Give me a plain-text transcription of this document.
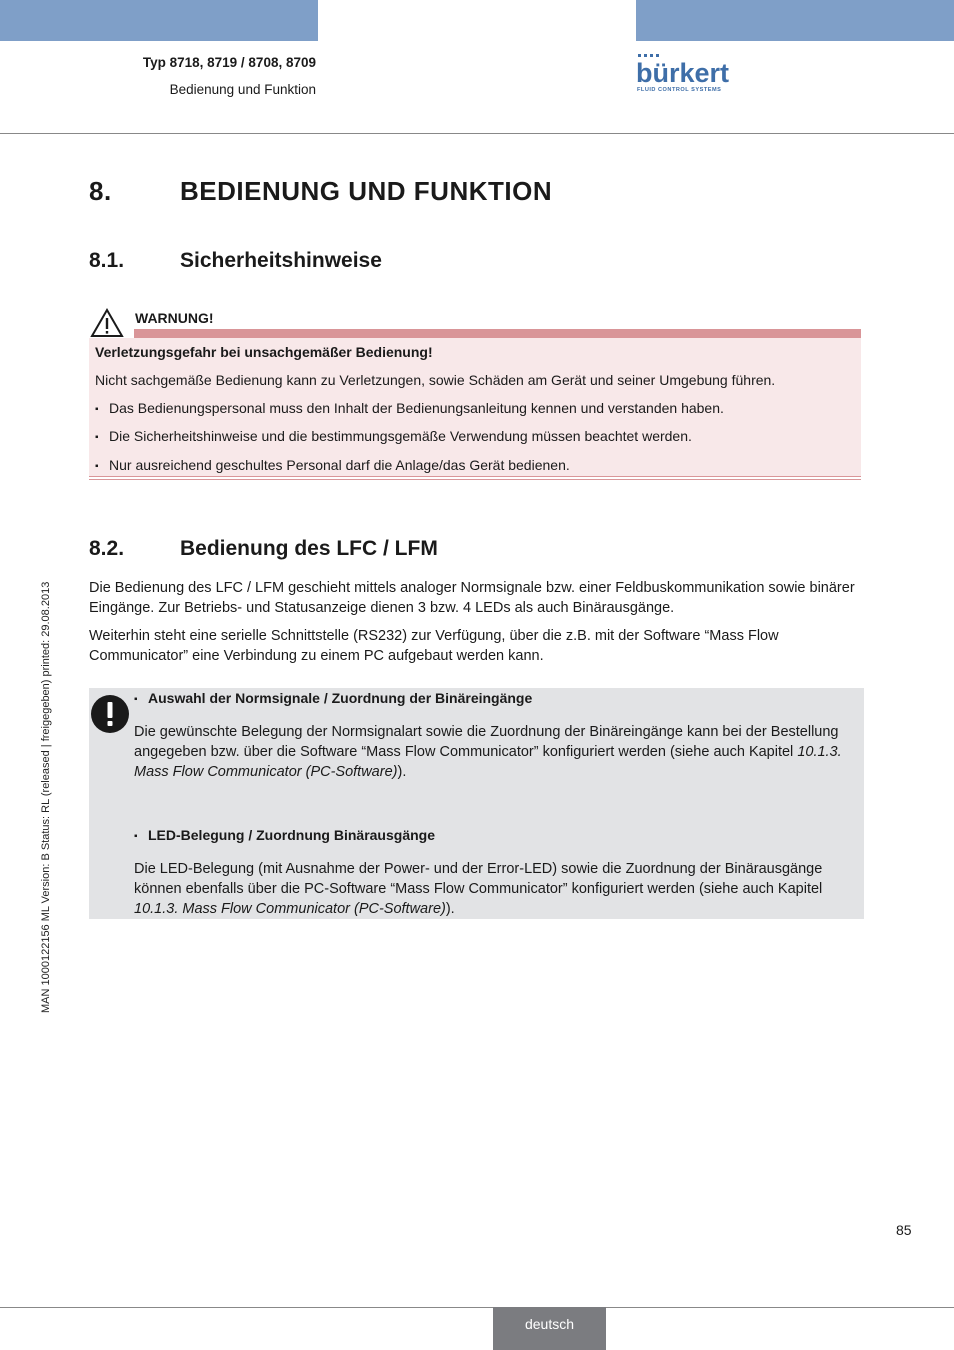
Typ 8718, 8719 / 8708, 8709
Bedienung und Funktion
bürkert
FLUID CONTROL SYSTEMS
MAN 1000122156 ML Version: B Status: RL (released | freigegeben) printed: 29.08.2013
8.	BEDIENUNG UND FUNKTION
8.1.	Sicherheitshinweise
WARNUNG!
Verletzungsgefahr bei unsachgemäßer Bedienung!
Nicht sachgemäße Bedienung kann zu Verletzungen, sowie Schäden am Gerät und seiner Umgebung führen.
▪ Das Bedienungspersonal muss den Inhalt der Bedienungsanleitung kennen und verstanden haben.
▪ Die Sicherheitshinweise und die bestimmungsgemäße Verwendung müssen beachtet werden.
▪ Nur ausreichend geschultes Personal darf die Anlage/das Gerät bedienen.
8.2.	Bedienung des LFC / LFM
Die Bedienung des LFC / LFM geschieht mittels analoger Normsignale bzw. einer Feldbuskommunikation sowie binärer Eingänge. Zur Betriebs- und Statusanzeige dienen 3 bzw. 4 LEDs als auch Binärausgänge.
Weiterhin steht eine serielle Schnittstelle (RS232) zur Verfügung, über die z.B. mit der Software “Mass Flow Communicator” eine Verbindung zu einem PC aufgebaut werden kann.
▪ Auswahl der Normsignale / Zuordnung der Binäreingänge
Die gewünschte Belegung der Normsignalart sowie die Zuordnung der Binäreingänge kann bei der Bestellung angegeben bzw. über die Software “Mass Flow Communicator” konfiguriert werden (siehe auch Kapitel 10.1.3. Mass Flow Communicator (PC-Software)).
▪ LED-Belegung / Zuordnung Binärausgänge
Die LED-Belegung (mit Ausnahme der Power- und der Error-LED) sowie die Zuordnung der Binärausgänge können ebenfalls über die PC-Software “Mass Flow Communicator” konfiguriert werden (siehe auch Kapitel 10.1.3. Mass Flow Communicator (PC-Software)).
85
deutsch
